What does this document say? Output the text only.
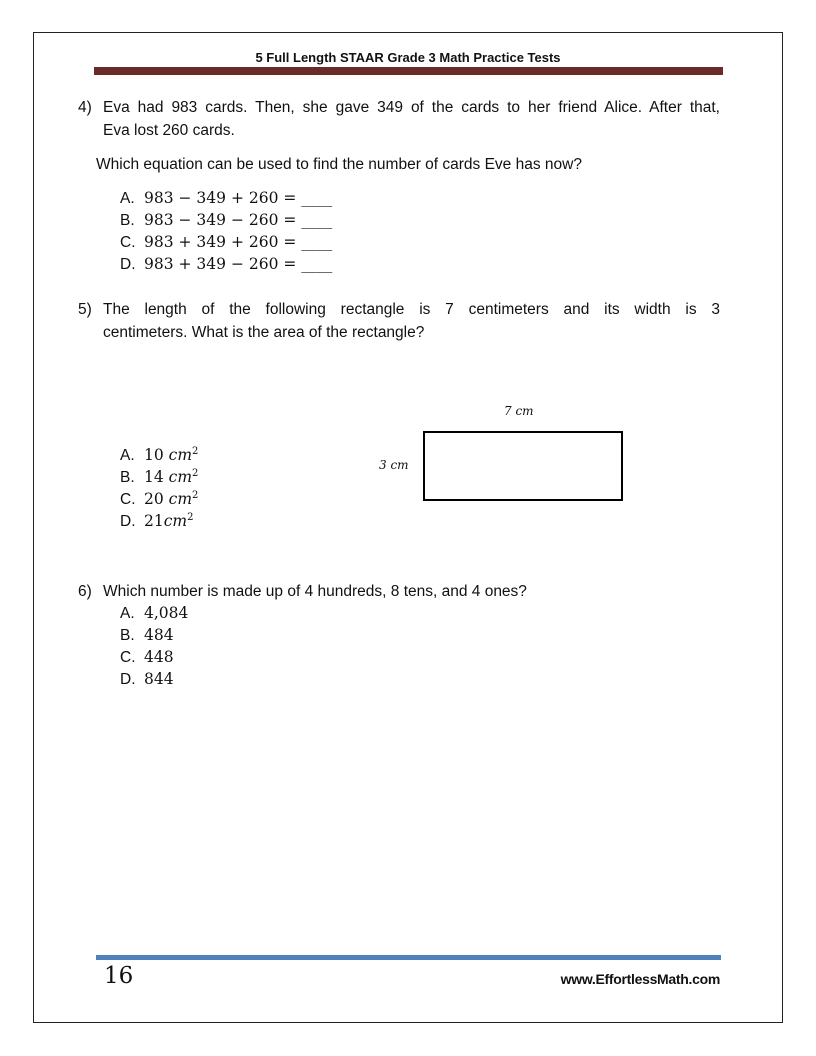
5 Full Length STAAR Grade 3 Math Practice Tests
4) Eva had 983 cards. Then, she gave 349 of the cards to her friend Alice. After that,
Eva lost 260 cards.
Which equation can be used to find the number of cards Eve has now?
A. 983 − 349 + 260 = ____
B. 983 − 349 − 260 = ____
C. 983 + 349 + 260 = ____
D. 983 + 349 − 260 = ____
5) The length of the following rectangle is 7 centimeters and its width is 3
centimeters. What is the area of the rectangle?
7 cm
3 cm
A. 10 $cm^2$
B. 14 $cm^2$
C. 20 $cm^2$
D. $21cm^2$
6) Which number is made up of 4 hundreds, 8 tens, and 4 ones?
A. 4,084
B. 484
C. 448
D. 844
16	www.EffortlessMath.com
